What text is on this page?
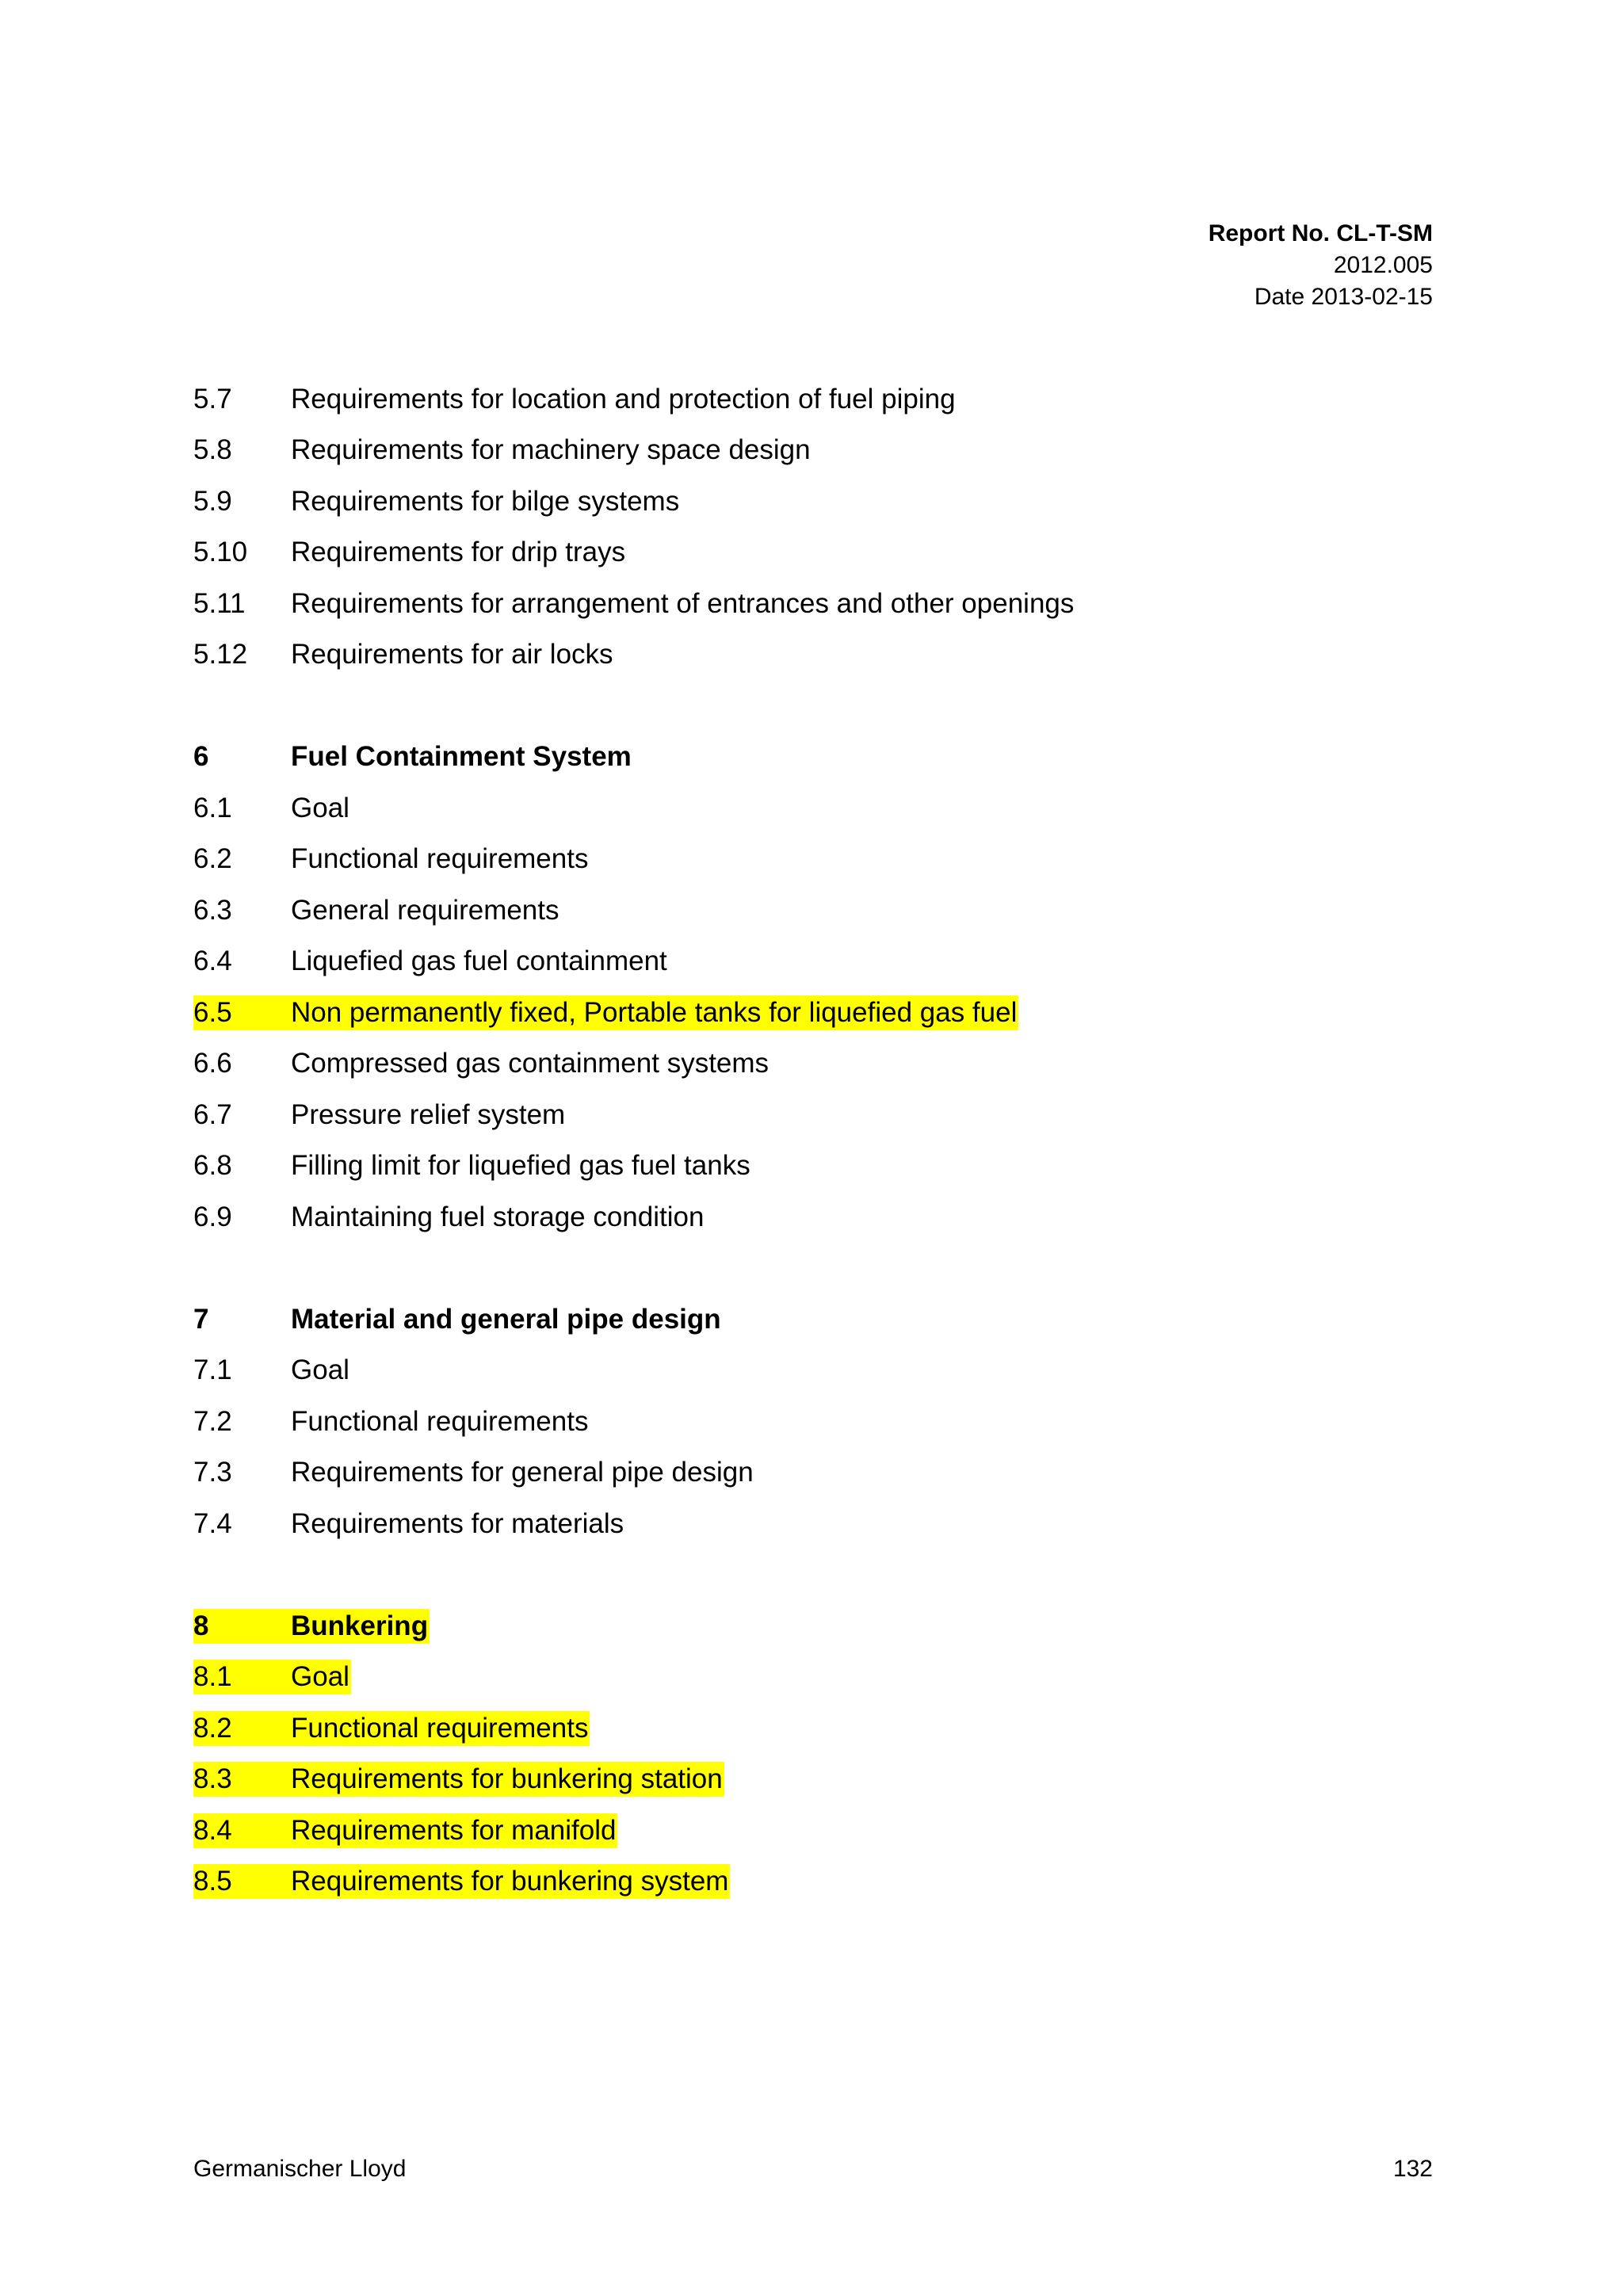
Report No. CL-T-SM
2012.005
Date 2013-02-15
5.7 Requirements for location and protection of fuel piping
5.8 Requirements for machinery space design
5.9 Requirements for bilge systems
5.10 Requirements for drip trays
5.11 Requirements for arrangement of entrances and other openings
5.12 Requirements for air locks
6	Fuel Containment System
6.1 Goal
6.2 Functional requirements
6.3 General requirements
6.4 Liquefied gas fuel containment
6.5 Non permanently fixed, Portable tanks for liquefied gas fuel
6.6 Compressed gas containment systems
6.7 Pressure relief system
6.8 Filling limit for liquefied gas fuel tanks
6.9 Maintaining fuel storage condition
7	Material and general pipe design
7.1 Goal
7.2 Functional requirements
7.3 Requirements for general pipe design
7.4 Requirements for materials
8	Bunkering
8.1 Goal
8.2 Functional requirements
8.3 Requirements for bunkering station
8.4 Requirements for manifold
8.5 Requirements for bunkering system
Germanischer Lloyd	132
